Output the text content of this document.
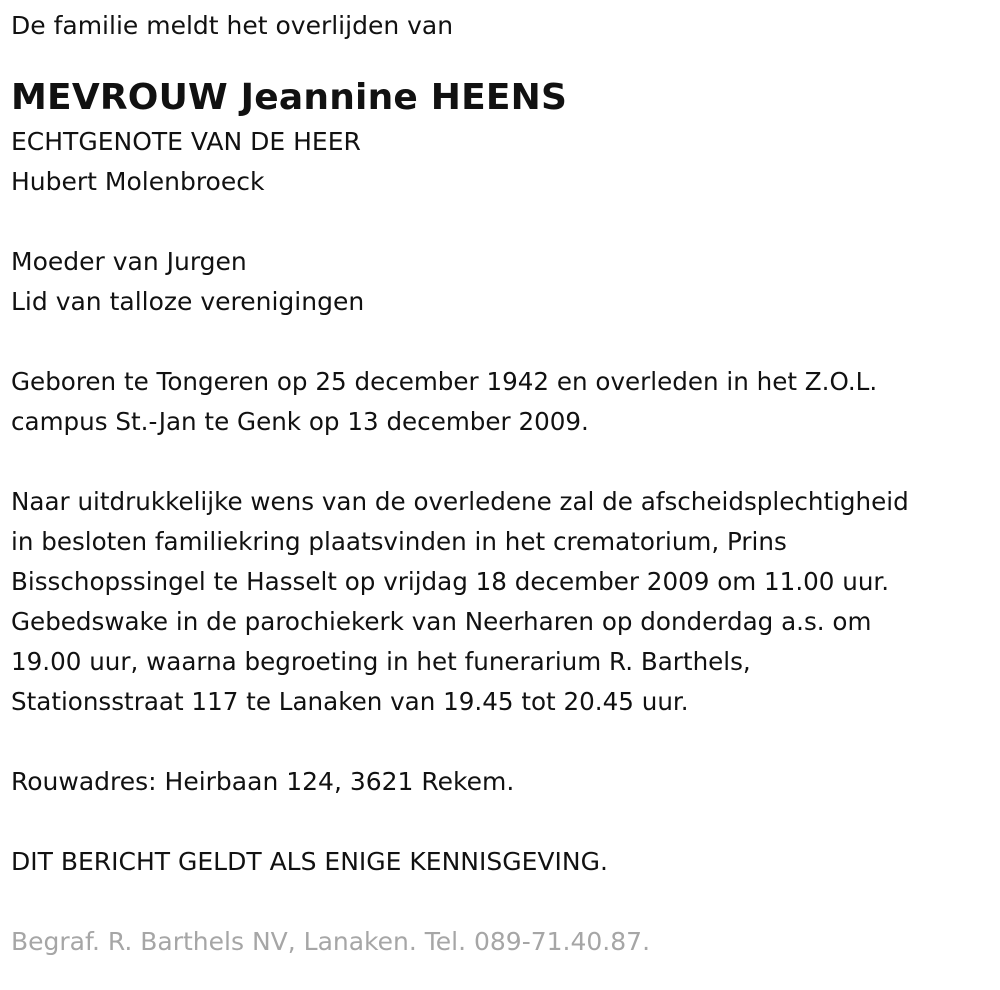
De familie meldt het overlijden van

MEVROUW Jeannine HEENS

ECHTGENOTE VAN DE HEER

Hubert Molenbroeck

Moeder van Jurgen

Lid van talloze verenigingen

Geboren te Tongeren op 25 december 1942 en overleden in het Z.O.L.

campus St.-Jan te Genk op 13 december 2009.

Naar uitdrukkelijke wens van de overledene zal de afscheidsplechtigheid

in besloten familiekring plaatsvinden in het crematorium, Prins

Bisschopssingel te Hasselt op vrijdag 18 december 2009 om 11.00 uur.

Gebedswake in de parochiekerk van Neerharen op donderdag a.s. om

19.00 uur, waarna begroeting in het funerarium R. Barthels,

Stationsstraat 117 te Lanaken van 19.45 tot 20.45 uur.

Rouwadres: Heirbaan 124, 3621 Rekem.

DIT BERICHT GELDT ALS ENIGE KENNISGEVING.

Begraf. R. Barthels NV, Lanaken. Tel. 089-71.40.87.
